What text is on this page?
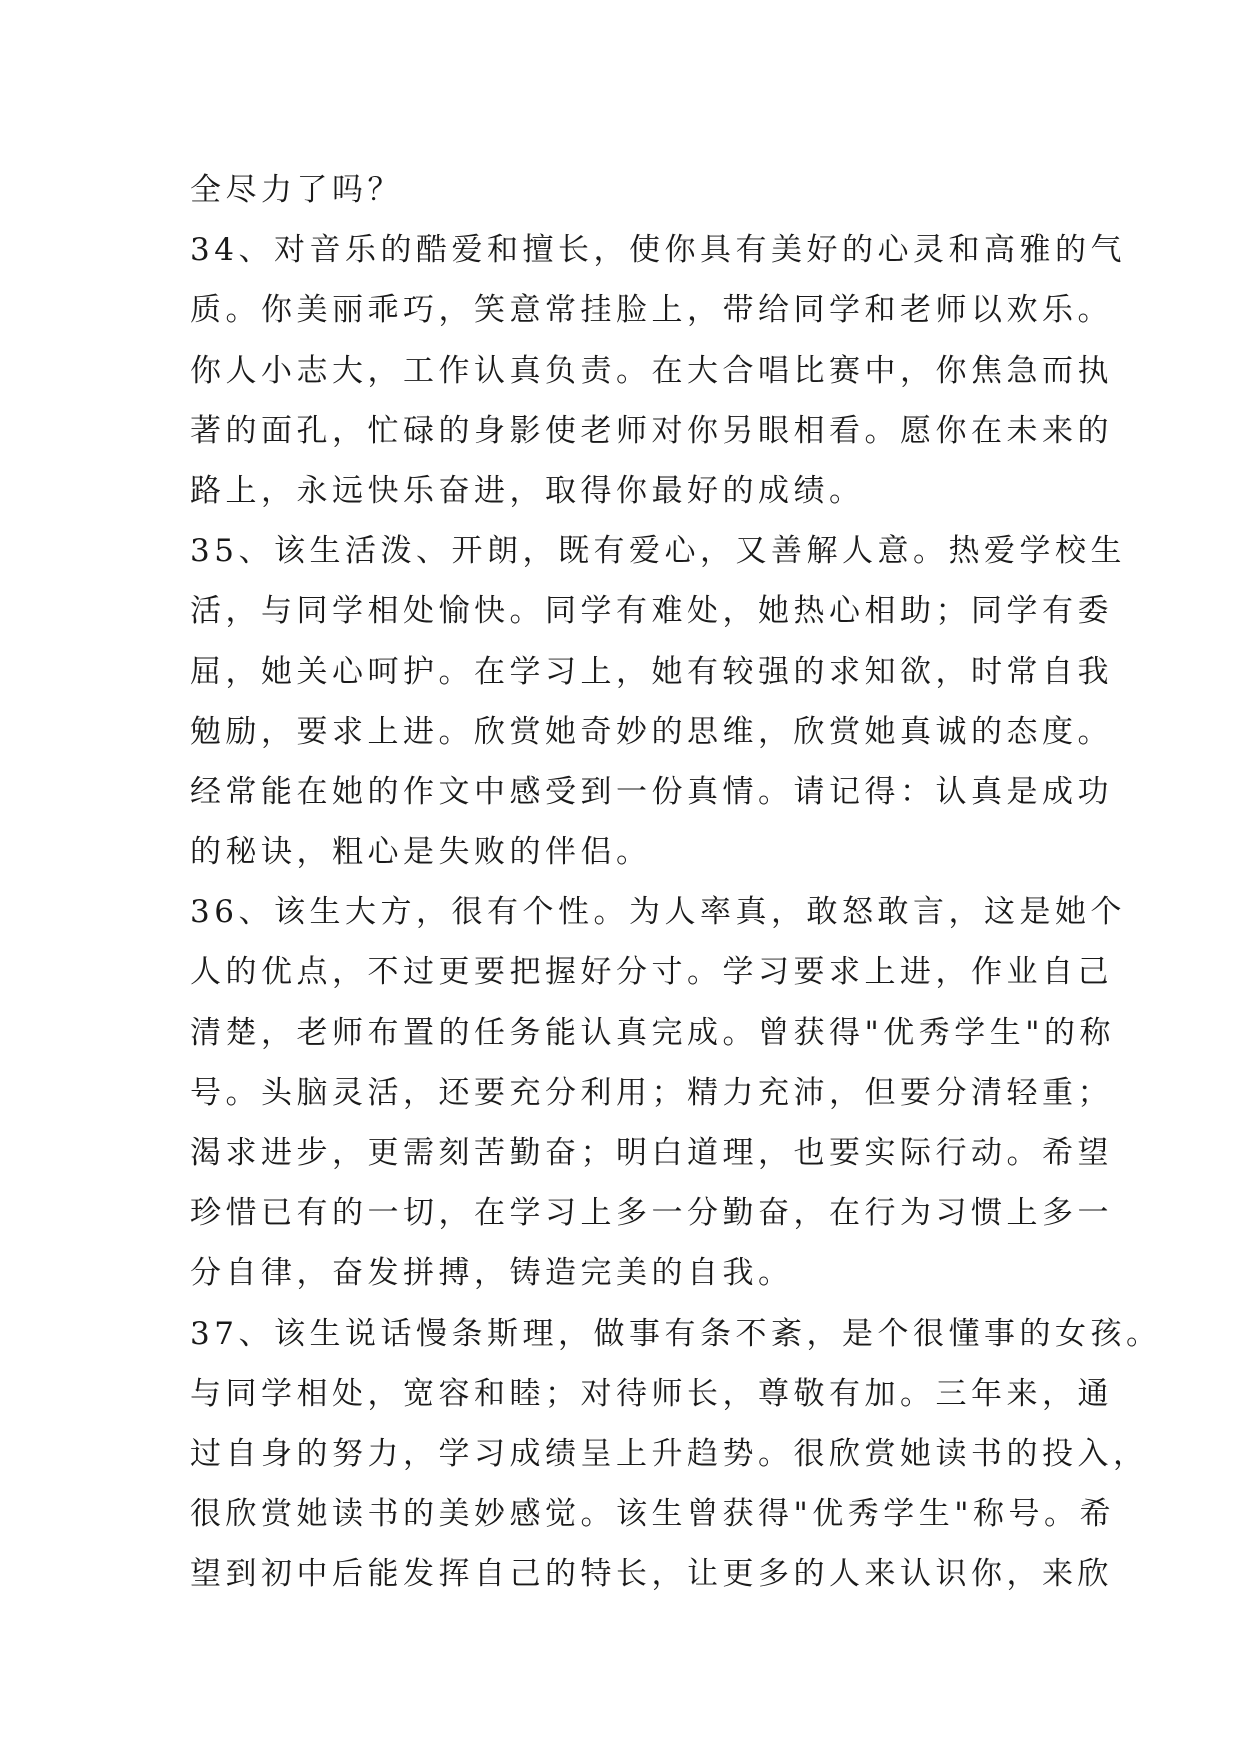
全尽力了吗？
34、对音乐的酷爱和擅长，使你具有美好的心灵和高雅的气
质。你美丽乖巧，笑意常挂脸上，带给同学和老师以欢乐。
你人小志大，工作认真负责。在大合唱比赛中，你焦急而执
著的面孔，忙碌的身影使老师对你另眼相看。愿你在未来的
路上，永远快乐奋进，取得你最好的成绩。
35、该生活泼、开朗，既有爱心，又善解人意。热爱学校生
活，与同学相处愉快。同学有难处，她热心相助；同学有委
屈，她关心呵护。在学习上，她有较强的求知欲，时常自我
勉励，要求上进。欣赏她奇妙的思维，欣赏她真诚的态度。
经常能在她的作文中感受到一份真情。请记得：认真是成功
的秘诀，粗心是失败的伴侣。
36、该生大方，很有个性。为人率真，敢怒敢言，这是她个
人的优点，不过更要把握好分寸。学习要求上进，作业自己
清楚，老师布置的任务能认真完成。曾获得"优秀学生"的称
号。头脑灵活，还要充分利用；精力充沛，但要分清轻重；
渴求进步，更需刻苦勤奋；明白道理，也要实际行动。希望
珍惜已有的一切，在学习上多一分勤奋，在行为习惯上多一
分自律，奋发拼搏，铸造完美的自我。
37、该生说话慢条斯理，做事有条不紊，是个很懂事的女孩。
与同学相处，宽容和睦；对待师长，尊敬有加。三年来，通
过自身的努力，学习成绩呈上升趋势。很欣赏她读书的投入，
很欣赏她读书的美妙感觉。该生曾获得"优秀学生"称号。希
望到初中后能发挥自己的特长，让更多的人来认识你，来欣
